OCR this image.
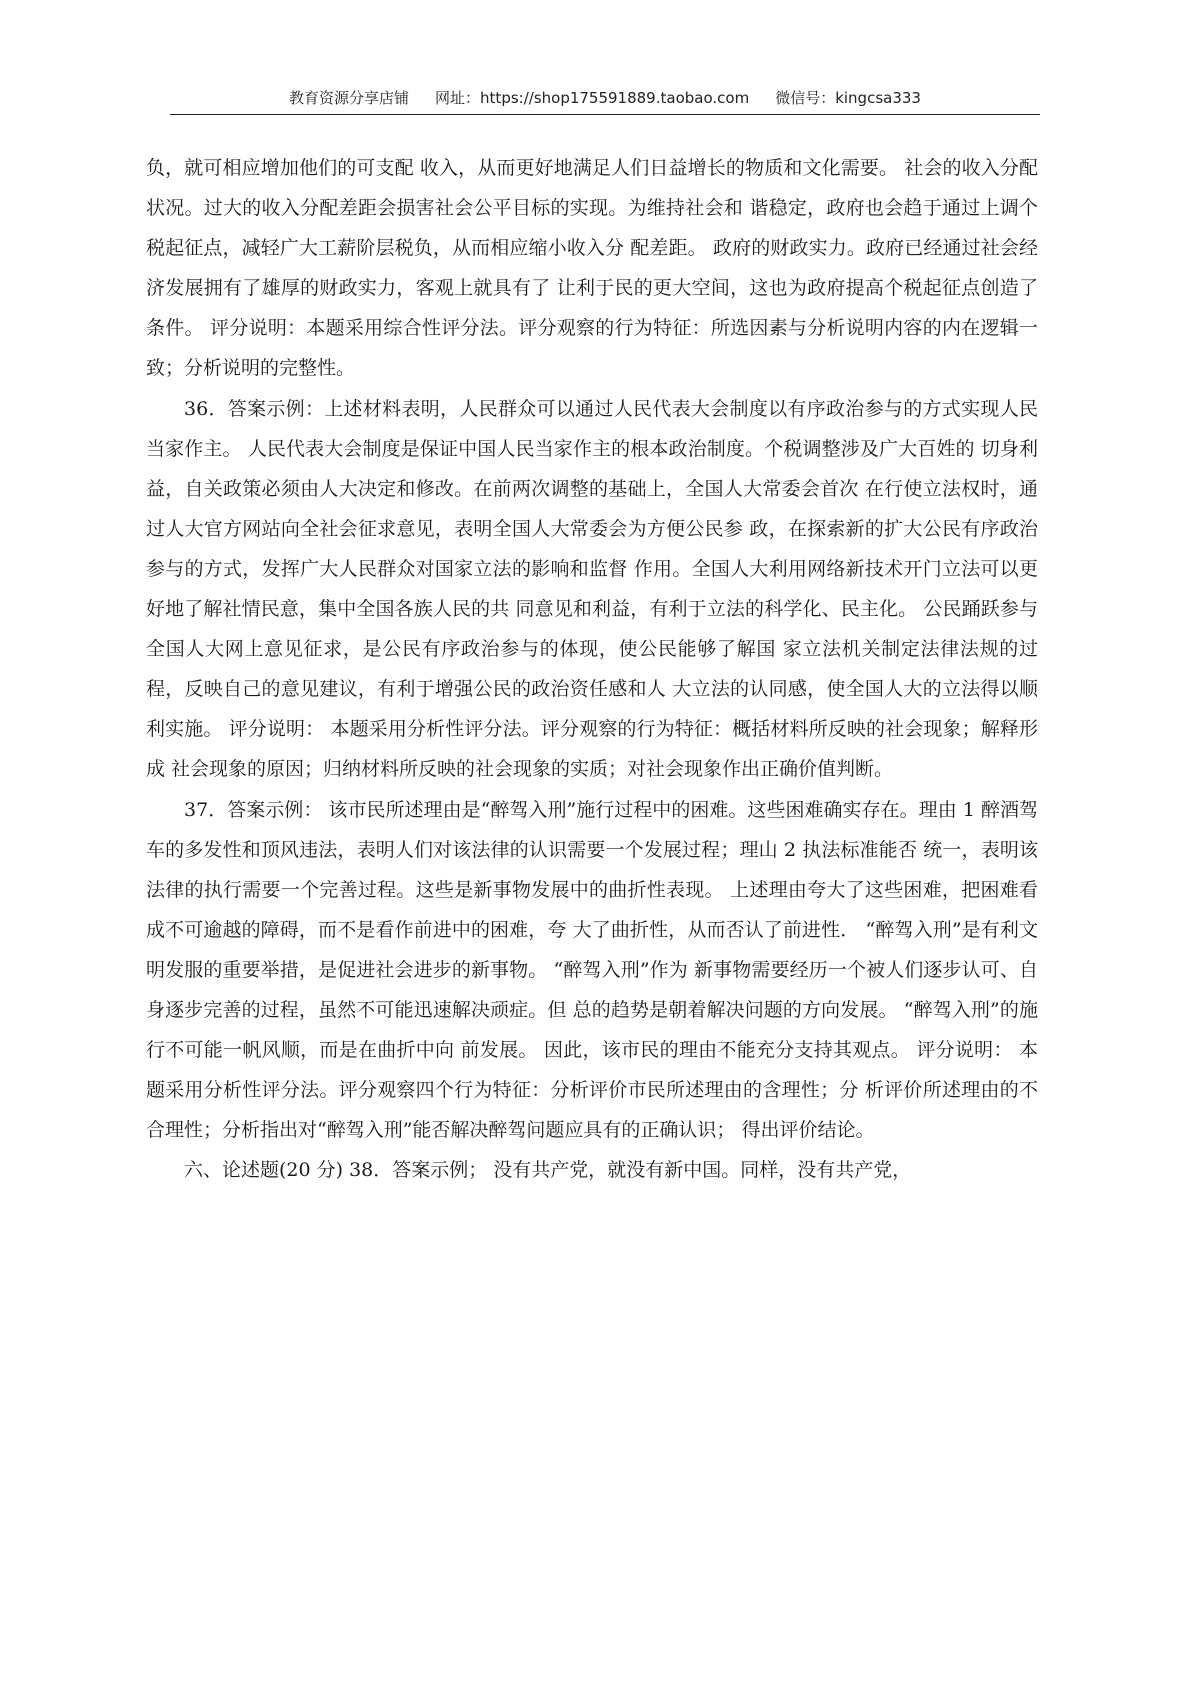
教育资源分享店铺 网址：https://shop175591889.taobao.com 微信号：kingcsa333

负，就可相应增加他们的可支配 收入，从而更好地满足人们日益增长的物质和文化需要。 社会的收入分配状况。过大的收入分配差距会损害社会公平目标的实现。为维持社会和 谐稳定，政府也会趋于通过上调个税起征点，减轻广大工薪阶层税负，从而相应缩小收入分 配差距。 政府的财政实力。政府已经通过社会经济发展拥有了雄厚的财政实力，客观上就具有了 让利于民的更大空间，这也为政府提高个税起征点创造了条件。 评分说明：本题采用综合性评分法。评分观察的行为特征：所选因素与分析说明内容的内在逻辑一致；分析说明的完整性。

36．答案示例：上述材料表明，人民群众可以通过人民代表大会制度以有序政治参与的方式实现人民 当家作主。 人民代表大会制度是保证中国人民当家作主的根本政治制度。个税调整涉及广大百姓的 切身利益，自关政策必须由人大决定和修改。在前两次调整的基础上，全国人大常委会首次 在行使立法权时，通过人大官方网站向全社会征求意见，表明全国人大常委会为方便公民参 政，在探索新的扩大公民有序政治参与的方式，发挥广大人民群众对国家立法的影响和监督 作用。全国人大利用网络新技术开门立法可以更好地了解社情民意，集中全国各族人民的共 同意见和利益，有利于立法的科学化、民主化。 公民踊跃参与全国人大网上意见征求，是公民有序政治参与的体现，使公民能够了解国 家立法机关制定法律法规的过程，反映自己的意见建议，有利于增强公民的政治资任感和人 大立法的认同感，使全国人大的立法得以顺利实施。 评分说明： 本题采用分析性评分法。评分观察的行为特征：概括材料所反映的社会现象；解释形成 社会现象的原因；归纳材料所反映的社会现象的实质；对社会现象作出正确价值判断。

37．答案示例： 该市民所述理由是“醉驾入刑”施行过程中的困难。这些困难确实存在。理由 1 醉酒驾 车的多发性和顶风违法，表明人们对该法律的认识需要一个发展过程；理山 2 执法标准能否 统一，表明该法律的执行需要一个完善过程。这些是新事物发展中的曲折性表现。 上述理由夸大了这些困难，把困难看成不可逾越的障碍，而不是看作前进中的困难，夸 大了曲折性，从而否认了前进性． “醉驾入刑”是有利文明发服的重要举措，是促进社会进步的新事物。 “醉驾入刑”作为 新事物需要经历一个被人们逐步认可、自身逐步完善的过程，虽然不可能迅速解决顽症。但 总的趋势是朝着解决问题的方向发展。 “醉驾入刑”的施行不可能一帆风顺，而是在曲折中向 前发展。 因此，该市民的理由不能充分支持其观点。 评分说明： 本题采用分析性评分法。评分观察四个行为特征：分析评价市民所述理由的含理性；分 析评价所述理由的不合理性；分析指出对“醉驾入刑”能否解决醉驾问题应具有的正确认识； 得出评价结论。

六、论述题(20 分) 38．答案示例； 没有共产党，就没有新中国。同样，没有共产党，
